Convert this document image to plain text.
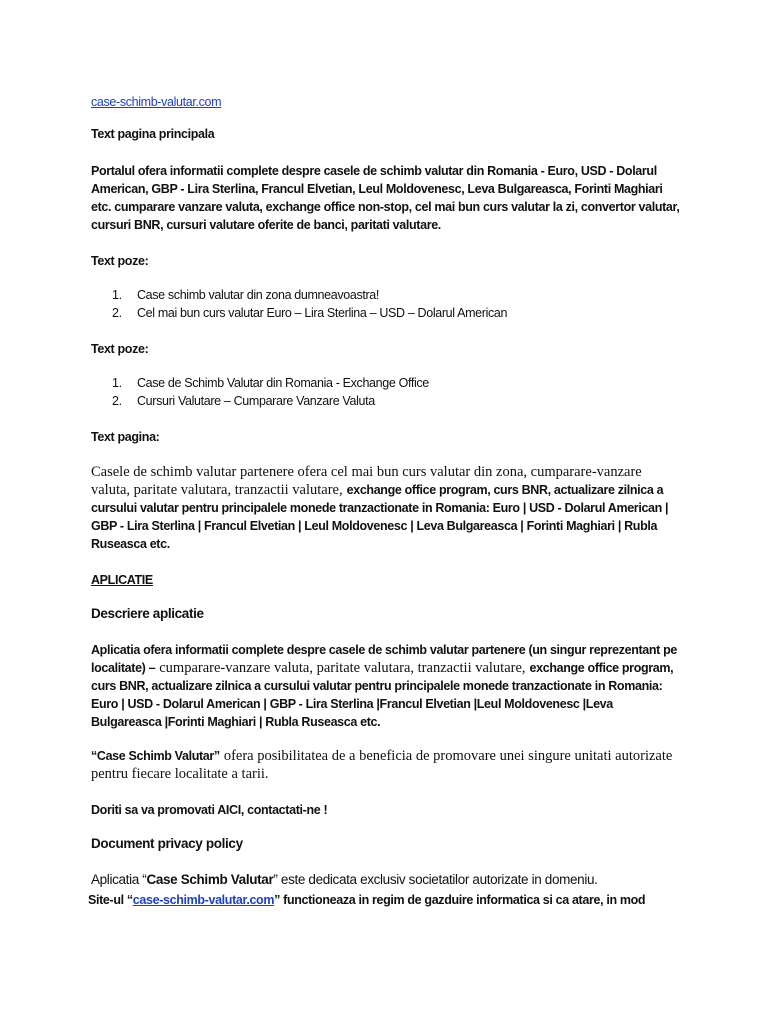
case-schimb-valutar.com

Text pagina principala

Portalul ofera informatii complete despre casele de schimb valutar din Romania - Euro, USD - Dolarul American, GBP - Lira Sterlina, Francul Elvetian, Leul Moldovenesc, Leva Bulgareasca, Forinti Maghiari etc. cumparare vanzare valuta, exchange office non-stop, cel mai bun curs valutar la zi, convertor valutar, cursuri BNR, cursuri valutare oferite de banci, paritati valutare.

Text poze:

1. Case schimb valutar din zona dumneavoastra!
2. Cel mai bun curs valutar Euro – Lira Sterlina – USD – Dolarul American

Text poze:

1. Case de Schimb Valutar din Romania - Exchange Office
2. Cursuri Valutare – Cumparare Vanzare Valuta

Text pagina:

Casele de schimb valutar partenere ofera cel mai bun curs valutar din zona, cumparare-vanzare valuta, paritate valutara, tranzactii valutare, exchange office program, curs BNR, actualizare zilnica a cursului valutar pentru principalele monede tranzactionate in Romania: Euro | USD - Dolarul American | GBP - Lira Sterlina | Francul Elvetian | Leul Moldovenesc | Leva Bulgareasca | Forinti Maghiari | Rubla Ruseasca etc.

APLICATIE

Descriere aplicatie

Aplicatia ofera informatii complete despre casele de schimb valutar partenere (un singur reprezentant pe localitate) – cumparare-vanzare valuta, paritate valutara, tranzactii valutare, exchange office program, curs BNR, actualizare zilnica a cursului valutar pentru principalele monede tranzactionate in Romania: Euro | USD - Dolarul American | GBP - Lira Sterlina |Francul Elvetian |Leul Moldovenesc |Leva Bulgareasca |Forinti Maghiari | Rubla Ruseasca etc.

“Case Schimb Valutar” ofera posibilitatea de a beneficia de promovare unei singure unitati autorizate pentru fiecare localitate a tarii.

Doriti sa va promovati AICI, contactati-ne !

Document privacy policy

Aplicatia “Case Schimb Valutar” este dedicata exclusiv societatilor autorizate in domeniu.

Site-ul “case-schimb-valutar.com” functioneaza in regim de gazduire informatica si ca atare, in mod
